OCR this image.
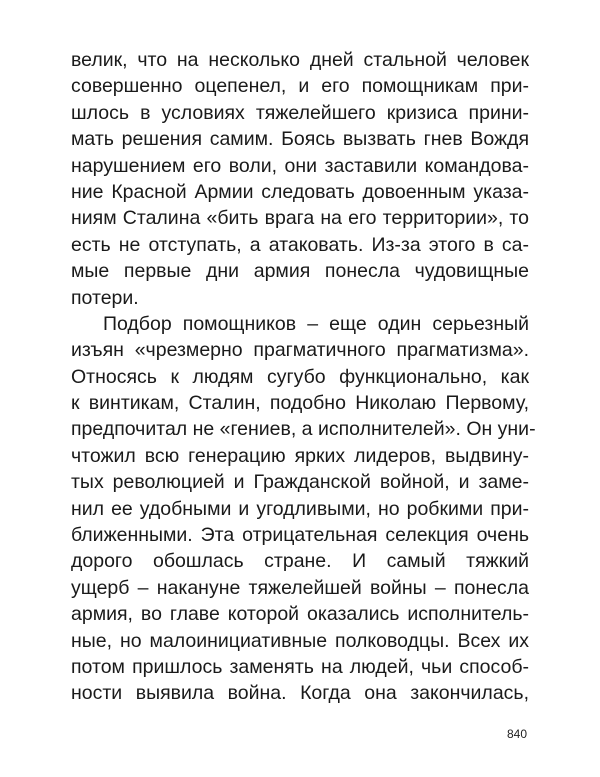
велик, что на несколько дней стальной человек
совершенно оцепенел, и его помощникам при-
шлось в условиях тяжелейшего кризиса прини-
мать решения самим. Боясь вызвать гнев Вождя
нарушением его воли, они заставили командова-
ние Красной Армии следовать довоенным указа-
ниям Сталина «бить врага на его территории», то
есть не отступать, а атаковать. Из-за этого в са-
мые первые дни армия понесла чудовищные
потери.
Подбор помощников – еще один серьезный
изъян «чрезмерно прагматичного прагматизма».
Относясь к людям сугубо функционально, как
к винтикам, Сталин, подобно Николаю Первому,
предпочитал не «гениев, а исполнителей». Он уни-
чтожил всю генерацию ярких лидеров, выдвину-
тых революцией и Гражданской войной, и заме-
нил ее удобными и угодливыми, но робкими при-
ближенными. Эта отрицательная селекция очень
дорого обошлась стране. И самый тяжкий
ущерб – накануне тяжелейшей войны – понесла
армия, во главе которой оказались исполнитель-
ные, но малоинициативные полководцы. Всех их
потом пришлось заменять на людей, чьи способ-
ности выявила война. Когда она закончилась,
840
